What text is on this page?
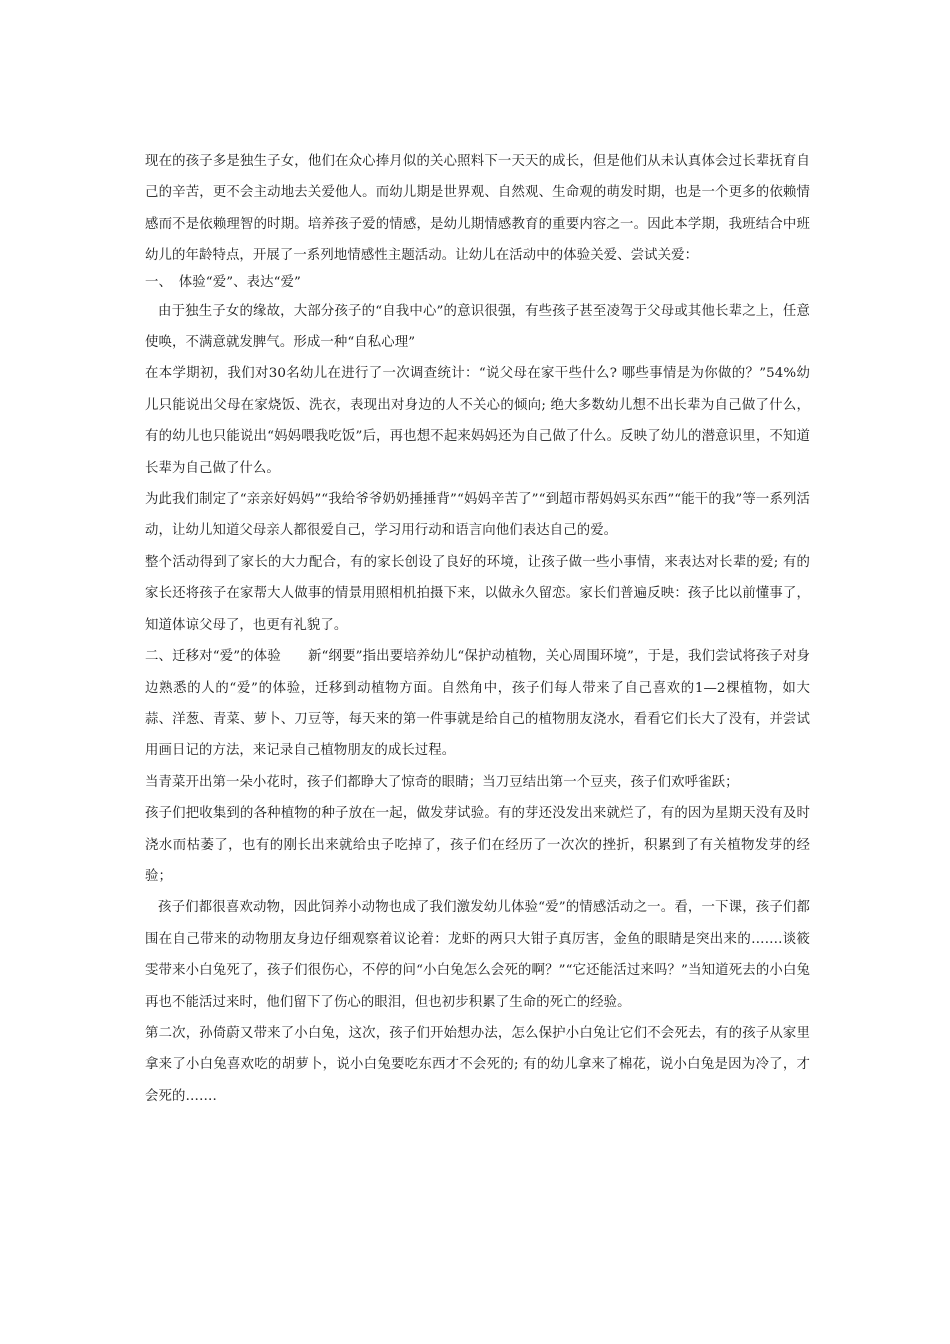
现在的孩子多是独生子女，他们在众心捧月似的关心照料下一天天的成长，但是他们从未认真体会过长辈抚育自己的辛苦，更不会主动地去关爱他人。而幼儿期是世界观、自然观、生命观的萌发时期，也是一个更多的依赖情感而不是依赖理智的时期。培养孩子爱的情感，是幼儿期情感教育的重要内容之一。因此本学期，我班结合中班幼儿的年龄特点，开展了一系列地情感性主题活动。让幼儿在活动中的体验关爱、尝试关爱：

一、　体验“爱”、表达“爱”

由于独生子女的缘故，大部分孩子的“自我中心”的意识很强，有些孩子甚至凌驾于父母或其他长辈之上，任意使唤，不满意就发脾气。形成一种“自私心理”

在本学期初，我们对30名幼儿在进行了一次调查统计：“说父母在家干些什么? 哪些事情是为你做的？”54%幼儿只能说出父母在家烧饭、洗衣，表现出对身边的人不关心的倾向; 绝大多数幼儿想不出长辈为自己做了什么，有的幼儿也只能说出“妈妈喂我吃饭”后，再也想不起来妈妈还为自己做了什么。反映了幼儿的潜意识里，不知道长辈为自己做了什么。

为此我们制定了“亲亲好妈妈”“我给爷爷奶奶捶捶背”“妈妈辛苦了”“到超市帮妈妈买东西”“能干的我”等一系列活动，让幼儿知道父母亲人都很爱自己，学习用行动和语言向他们表达自己的爱。

整个活动得到了家长的大力配合，有的家长创设了良好的环境，让孩子做一些小事情，来表达对长辈的爱; 有的家长还将孩子在家帮大人做事的情景用照相机拍摄下来，以做永久留恋。家长们普遍反映：孩子比以前懂事了，知道体谅父母了，也更有礼貌了。

二、迁移对“爱”的体验　　新“纲要”指出要培养幼儿“保护动植物，关心周围环境”，于是，我们尝试将孩子对身边熟悉的人的“爱”的体验，迁移到动植物方面。自然角中，孩子们每人带来了自己喜欢的1—2棵植物，如大蒜、洋葱、青菜、萝卜、刀豆等，每天来的第一件事就是给自己的植物朋友浇水，看看它们长大了没有，并尝试用画日记的方法，来记录自己植物朋友的成长过程。

当青菜开出第一朵小花时，孩子们都睁大了惊奇的眼睛；当刀豆结出第一个豆夹，孩子们欢呼雀跃；

孩子们把收集到的各种植物的种子放在一起，做发芽试验。有的芽还没发出来就烂了，有的因为星期天没有及时浇水而枯萎了，也有的刚长出来就给虫子吃掉了，孩子们在经历了一次次的挫折，积累到了有关植物发芽的经验；

孩子们都很喜欢动物，因此饲养小动物也成了我们激发幼儿体验“爱”的情感活动之一。看，一下课，孩子们都围在自己带来的动物朋友身边仔细观察着议论着：龙虾的两只大钳子真厉害，金鱼的眼睛是突出来的…….谈筱雯带来小白兔死了，孩子们很伤心，不停的问“小白兔怎么会死的啊？”“它还能活过来吗？”当知道死去的小白兔再也不能活过来时，他们留下了伤心的眼泪，但也初步积累了生命的死亡的经验。

第二次，孙倚蔚又带来了小白兔，这次，孩子们开始想办法，怎么保护小白兔让它们不会死去，有的孩子从家里拿来了小白兔喜欢吃的胡萝卜，说小白兔要吃东西才不会死的; 有的幼儿拿来了棉花，说小白兔是因为冷了，才会死的…….
